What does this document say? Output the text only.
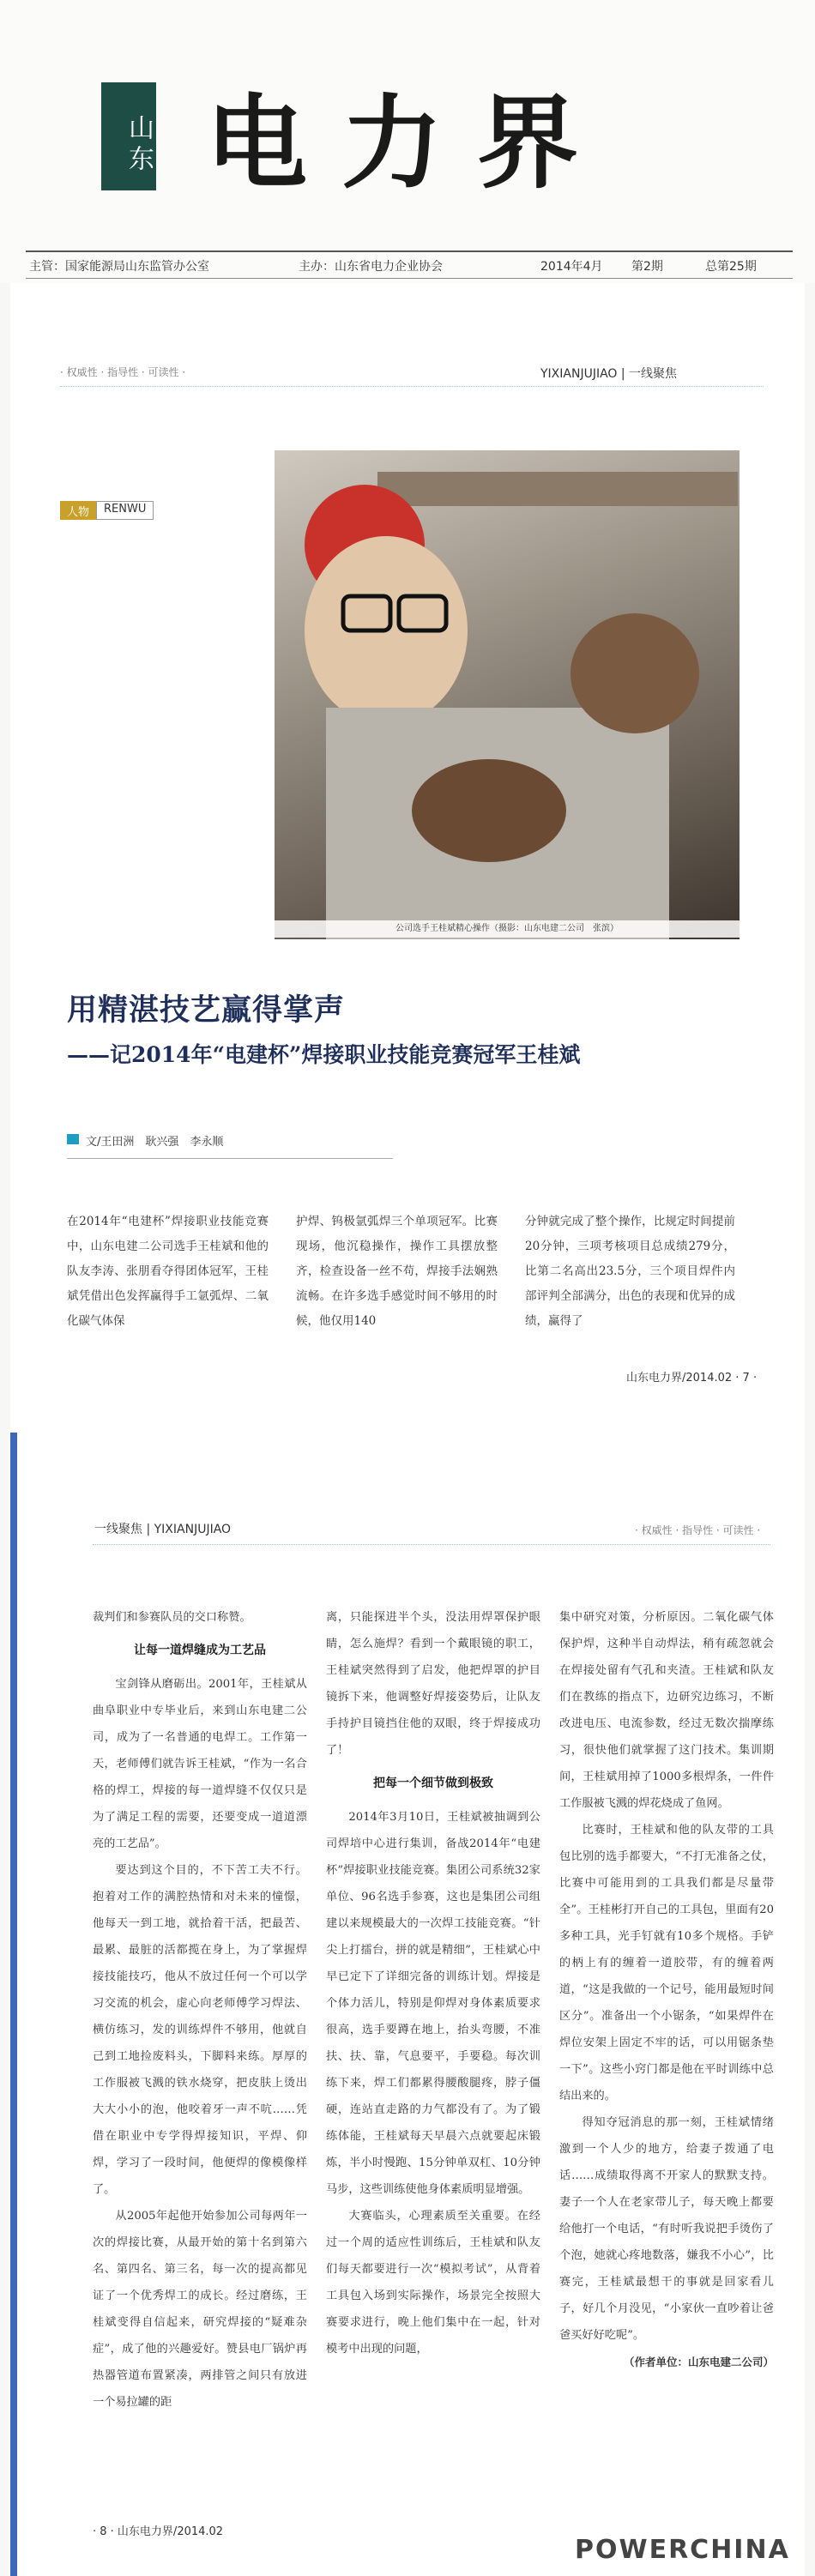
山东 电力界
主管：国家能源局山东监管办公室	主办：山东省电力企业协会	2014年4月 第2期	总第25期
· 权威性 · 指导性 · 可读性 ·	YIXIANJUJIAO | 一线聚焦
人物	RENWU
公司选手王桂斌精心操作（摄影：山东电建二公司　张滨）
用精湛技艺赢得掌声
——记2014年“电建杯”焊接职业技能竞赛冠军王桂斌
文/王田洲　耿兴强　李永顺
在2014年“电建杯”焊接职业技能竞赛中，山东电建二公司选手王桂斌和他的队友李涛、张朋看夺得团体冠军，王桂斌凭借出色发挥赢得手工氩弧焊、二氧化碳气体保
护焊、钨极氩弧焊三个单项冠军。比赛现场，他沉稳操作，操作工具摆放整齐，检查设备一丝不苟，焊接手法娴熟流畅。在许多选手感觉时间不够用的时候，他仅用140
分钟就完成了整个操作，比规定时间提前20分钟，三项考核项目总成绩279分，比第二名高出23.5分，三个项目焊件内部评判全部满分，出色的表现和优异的成绩，赢得了
山东电力界/2014.02 · 7 ·
一线聚焦 | YIXIANJUJIAO	· 权威性 · 指导性 · 可读性 ·
裁判们和参赛队员的交口称赞。
让每一道焊缝成为工艺品
宝剑锋从磨砺出。2001年，王桂斌从曲阜职业中专毕业后，来到山东电建二公司，成为了一名普通的电焊工。工作第一天，老师傅们就告诉王桂斌，“作为一名合格的焊工，焊接的每一道焊缝不仅仅只是为了满足工程的需要，还要变成一道道漂亮的工艺品”。
要达到这个目的，不下苦工夫不行。抱着对工作的满腔热情和对未来的憧憬，他每天一到工地，就拾着干活，把最苦、最累、最脏的活都揽在身上，为了掌握焊接技能技巧，他从不放过任何一个可以学习交流的机会，虚心向老师傅学习焊法、横仿练习，发的训练焊件不够用，他就自己到工地捡废料头，下脚料来练。厚厚的工作服被飞溅的铁水烧穿，把皮肤上烫出大大小小的泡，他咬着牙一声不吭……凭借在职业中专学得焊接知识，平焊、仰焊，学习了一段时间，他便焊的像模像样了。
从2005年起他开始参加公司每两年一次的焊接比赛，从最开始的第十名到第六名、第四名、第三名，每一次的提高都见证了一个优秀焊工的成长。经过磨练，王桂斌变得自信起来，研究焊接的“疑难杂症”，成了他的兴趣爱好。赞县电厂锅炉再热器管道布置紧凑，两排管之间只有放进一个易拉罐的距
离，只能探进半个头，没法用焊罩保护眼睛，怎么施焊？看到一个戴眼镜的职工，王桂斌突然得到了启发，他把焊罩的护目镜拆下来，他调整好焊接姿势后，让队友手持护目镜挡住他的双眼，终于焊接成功了！
把每一个细节做到极致
2014年3月10日，王桂斌被抽调到公司焊培中心进行集训，备战2014年“电建杯”焊接职业技能竞赛。集团公司系统32家单位、96名选手参赛，这也是集团公司组建以来规模最大的一次焊工技能竞赛。“针尖上打擂台，拼的就是精细”，王桂斌心中早已定下了详细完备的训练计划。焊接是个体力活儿，特别是仰焊对身体素质要求很高，选手要蹲在地上，抬头弯腰，不准扶、扶、靠，气息要平，手要稳。每次训练下来，焊工们都累得腰酸腿疼，脖子僵硬，连站直走路的力气都没有了。为了锻练体能，王桂斌每天早晨六点就要起床锻炼，半小时慢跑、15分钟单双杠、10分钟马步，这些训练使他身体素质明显增强。
大赛临头，心理素质至关重要。在经过一个周的适应性训练后，王桂斌和队友们每天都要进行一次“模拟考试”，从背着工具包入场到实际操作，场景完全按照大赛要求进行，晚上他们集中在一起，针对模考中出现的问题，
集中研究对策，分析原因。二氧化碳气体保护焊，这种半自动焊法，稍有疏忽就会在焊接处留有气孔和夹渣。王桂斌和队友们在教练的指点下，边研究边练习，不断改进电压、电流参数，经过无数次揣摩练习，很快他们就掌握了这门技术。集训期间，王桂斌用掉了1000多根焊条，一件件工作服被飞溅的焊花烧成了鱼网。
比赛时，王桂斌和他的队友带的工具包比别的选手都要大，“不打无准备之仗，比赛中可能用到的工具我们都是尽量带全”。王桂彬打开自己的工具包，里面有20多种工具，光手钉就有10多个规格。手铲的柄上有的缠着一道胶带，有的缠着两道，“这是我做的一个记号，能用最短时间区分”。准备出一个小锯条，“如果焊件在焊位安架上固定不牢的话，可以用锯条垫一下”。这些小窍门都是他在平时训练中总结出来的。
得知夺冠消息的那一刻，王桂斌情绪激到一个人少的地方，给妻子拨通了电话……成绩取得离不开家人的默默支持。妻子一个人在老家带儿子，每天晚上都要给他打一个电话，“有时听我说把手烫伤了个泡，她就心疼地数落，嫌我不小心”，比赛完，王桂斌最想干的事就是回家看儿子，好几个月没见，“小家伙一直吵着让爸爸买好好吃呢”。
（作者单位：山东电建二公司）
· 8 · 山东电力界/2014.02
POWERCHINA
